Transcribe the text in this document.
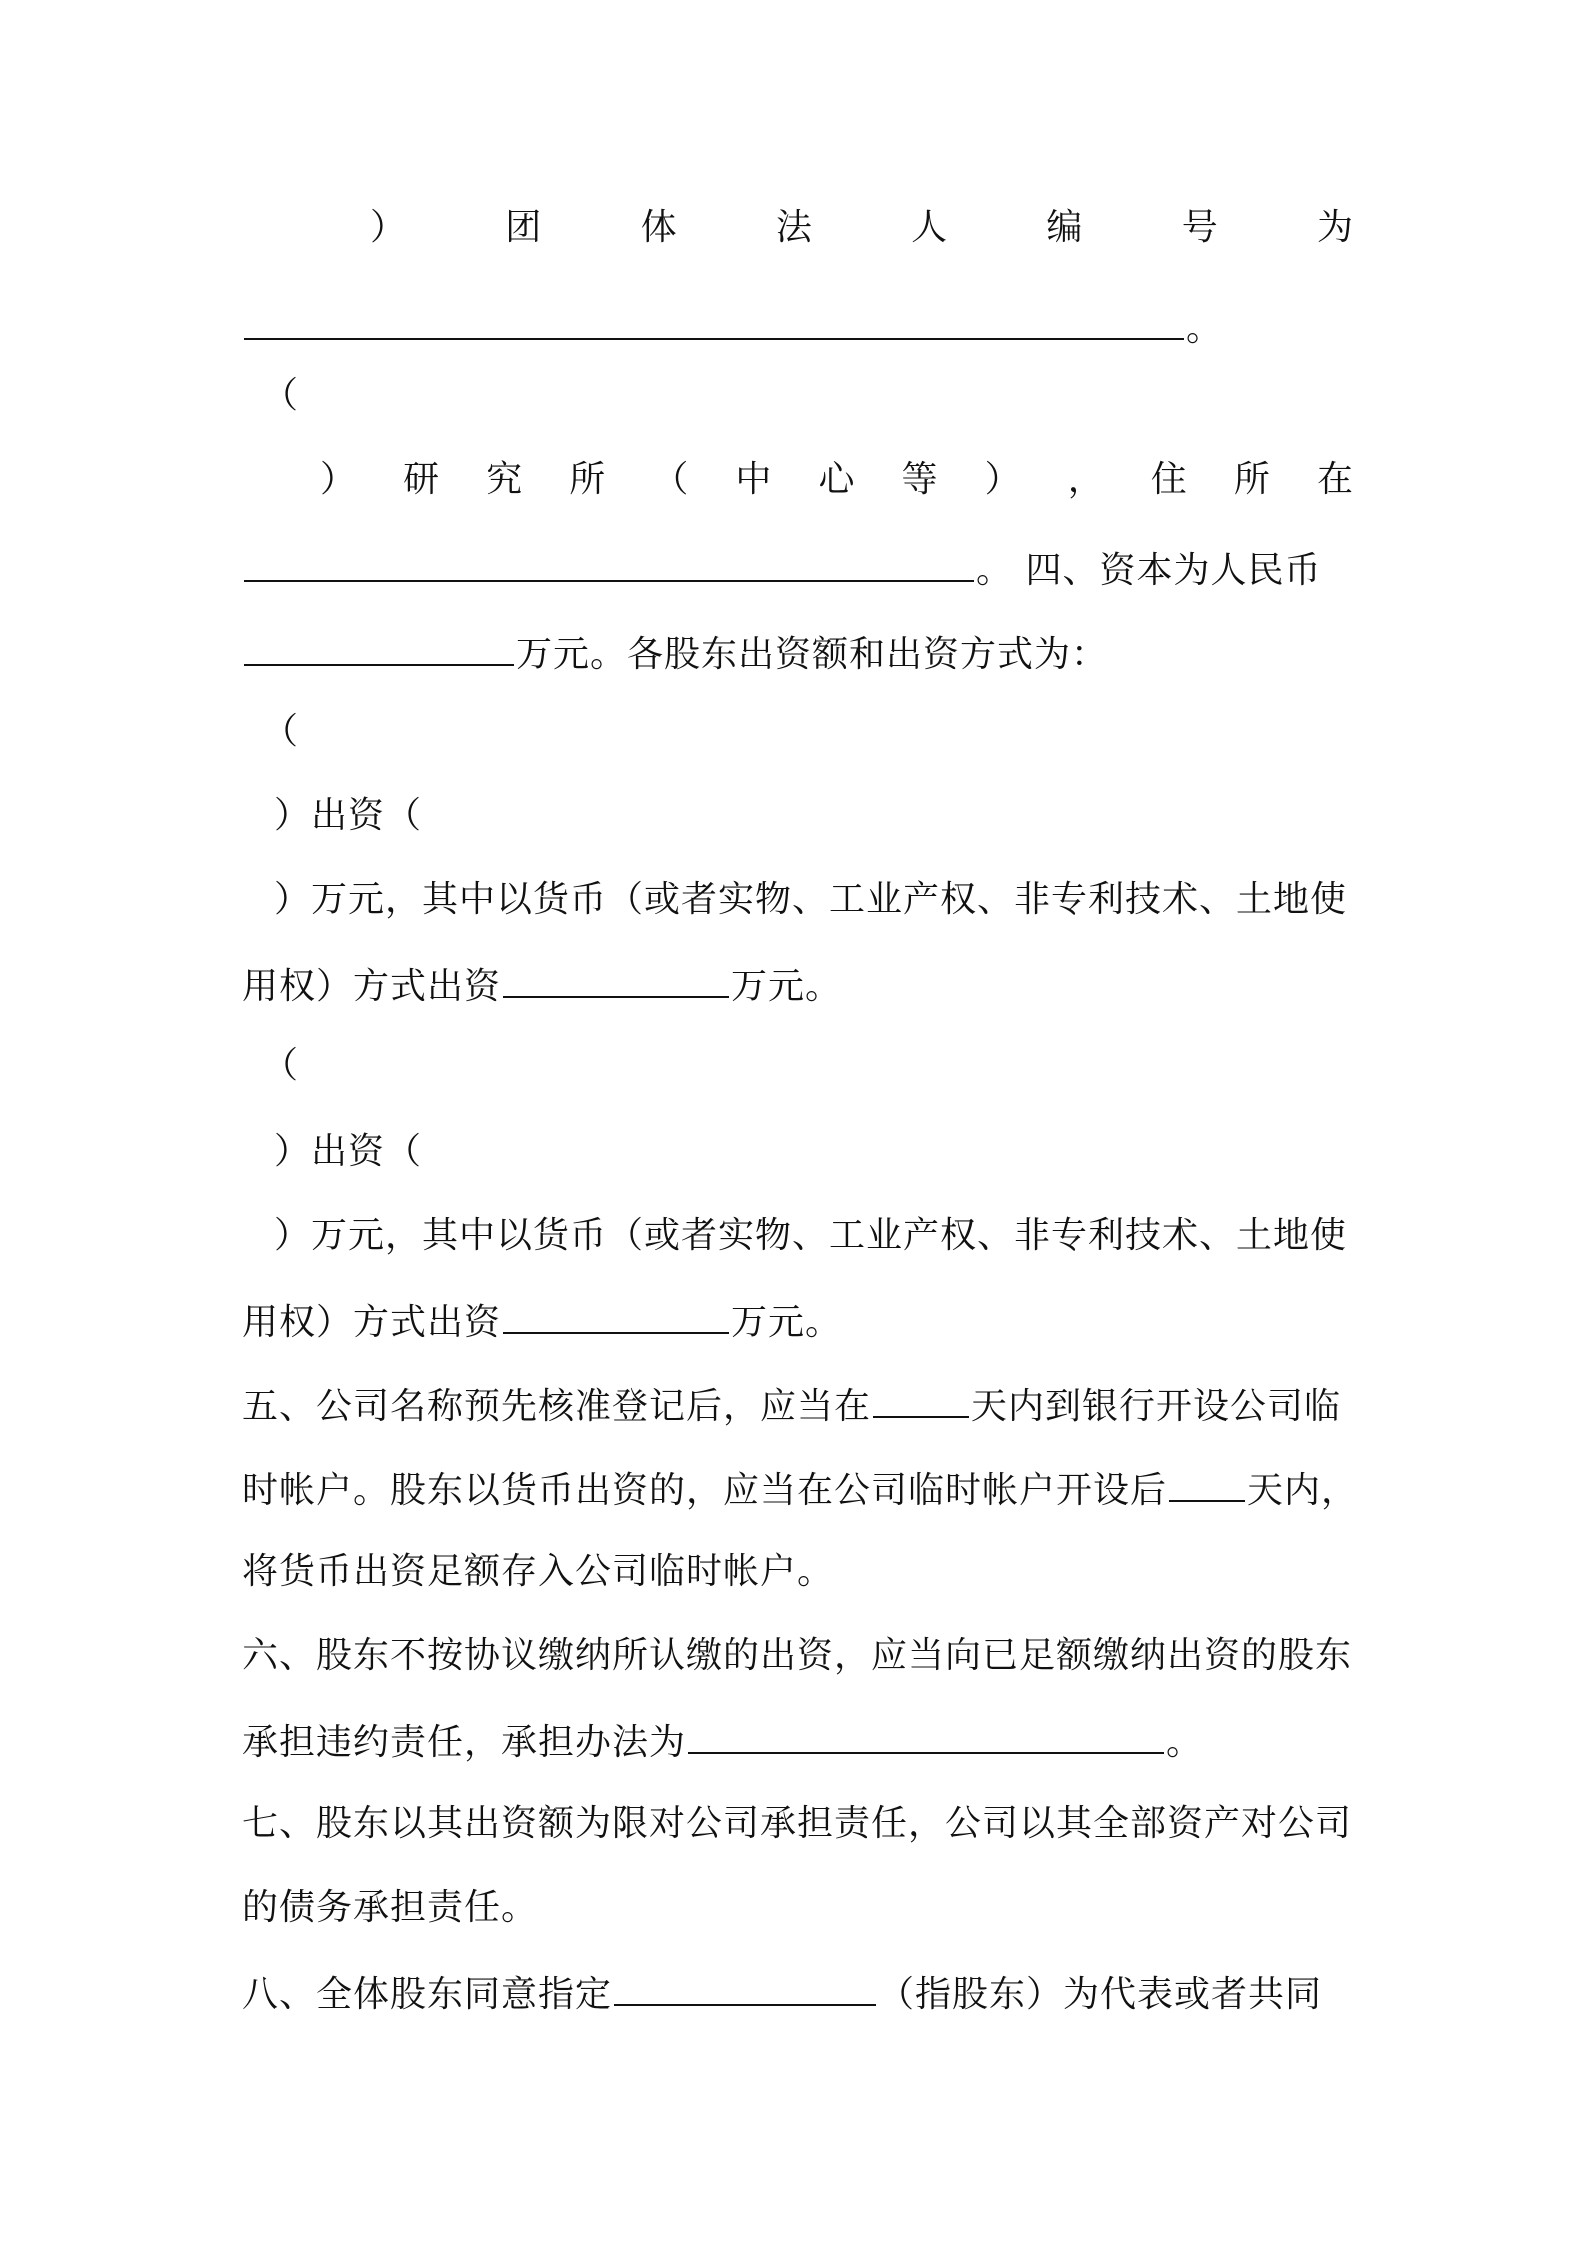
）	团	体	法	人	编	号	为
。
（
） 研 究 所 （ 中 心 等 ） ， 住 所 在
。 四、资本为人民币
万元。各股东出资额和出资方式为：
（
）出资（
）万元，其中以货币（或者实物、工业产权、非专利技术、土地使
用权）方式出资	万元。
（
）出资（
）万元，其中以货币（或者实物、工业产权、非专利技术、土地使
用权）方式出资	万元。
五、公司名称预先核准登记后，应当在	天内到银行开设公司临
时帐户。股东以货币出资的，应当在公司临时帐户开设后 天内，
将货币出资足额存入公司临时帐户。
六、股东不按协议缴纳所认缴的出资，应当向已足额缴纳出资的股东
承担违约责任，承担办法为	。
七、股东以其出资额为限对公司承担责任，公司以其全部资产对公司
的债务承担责任。
八、全体股东同意指定	（指股东）为代表或者共同
